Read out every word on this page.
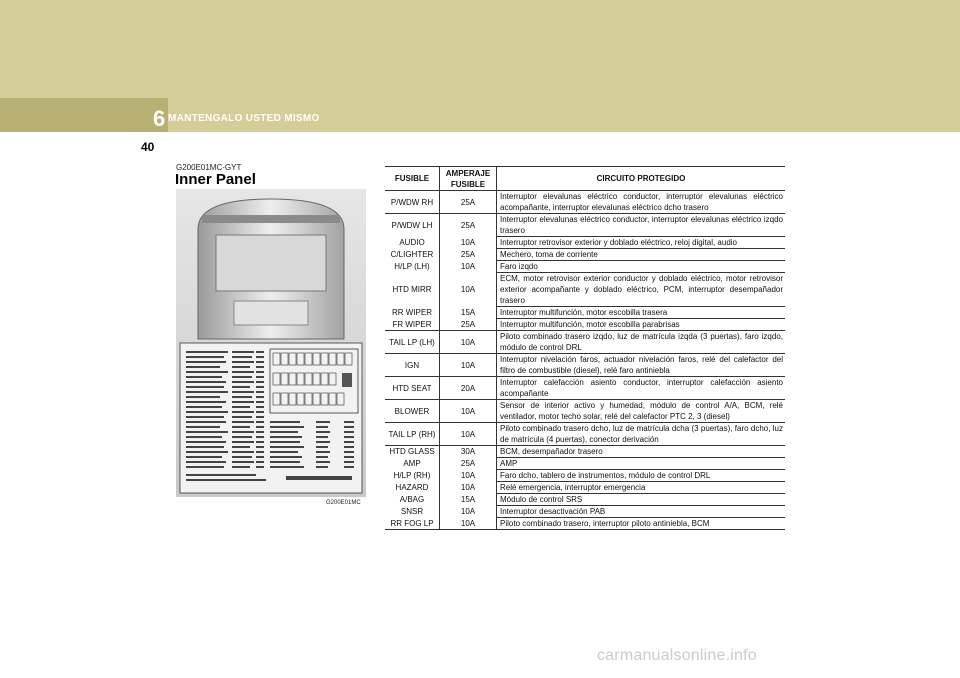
6 MANTENGALO USTED MISMO
40
G200E01MC-GYT
Inner Panel
G200E01MC
FUSIBLE	AMPERAJE FUSIBLE	CIRCUITO PROTEGIDO
P/WDW RH	25A	Interruptor elevalunas eléctrico conductor, interruptor elevalunas eléctrico acompañante, interruptor elevalunas eléctrico dcho trasero

P/WDW LH	25A	Interruptor elevalunas eléctrico conductor, interruptor elevalunas eléctrico izqdo trasero
AUDIO	10A	Interruptor retrovisor exterior y doblado eléctrico, reloj digital, audio
C/LIGHTER	25A	Mechero, toma de corriente
H/LP (LH)	10A	Faro izqdo
HTD MIRR	10A	ECM, motor retrovisor exterior conductor y doblado eléctrico, motor retrovisor exterior acompañante y doblado eléctrico, PCM, interruptor desempañador trasero
RR WIPER	15A	Interruptor multifunción, motor escobilla trasera
FR WIPER	25A	Interruptor multifunción, motor escobilla parabrisas
TAIL LP (LH)	10A	Piloto combinado trasero izqdo, luz de matrícula izqda (3 puertas), faro izqdo, módulo de control DRL
IGN	10A	Interruptor nivelación faros, actuador nivelación faros, relé del calefactor del filtro de combustible (diesel), relé faro antiniebla
HTD SEAT	20A	Interruptor calefacción asiento conductor, interruptor calefacción asiento acompañante
BLOWER	10A	Sensor de interior activo y humedad, módulo de control A/A, BCM, relé ventilador, motor techo solar, relé del calefactor PTC 2, 3 (diesel)
TAIL LP (RH)	10A	Piloto combinado trasero dcho, luz de matrícula dcha (3 puertas), faro dcho, luz de matrícula (4 puertas), conector derivación
HTD GLASS	30A	BCM, desempañador trasero
AMP	25A	AMP
H/LP (RH)	10A	Faro dcho, tablero de instrumentos, módulo de control DRL
HAZARD	10A	Relé emergencia, interruptor emergencia
A/BAG	15A	Módulo de control SRS
SNSR	10A	Interruptor desactivación PAB
RR FOG LP	10A	Piloto combinado trasero, interruptor piloto antiniebla, BCM
carmanualsonline.info
